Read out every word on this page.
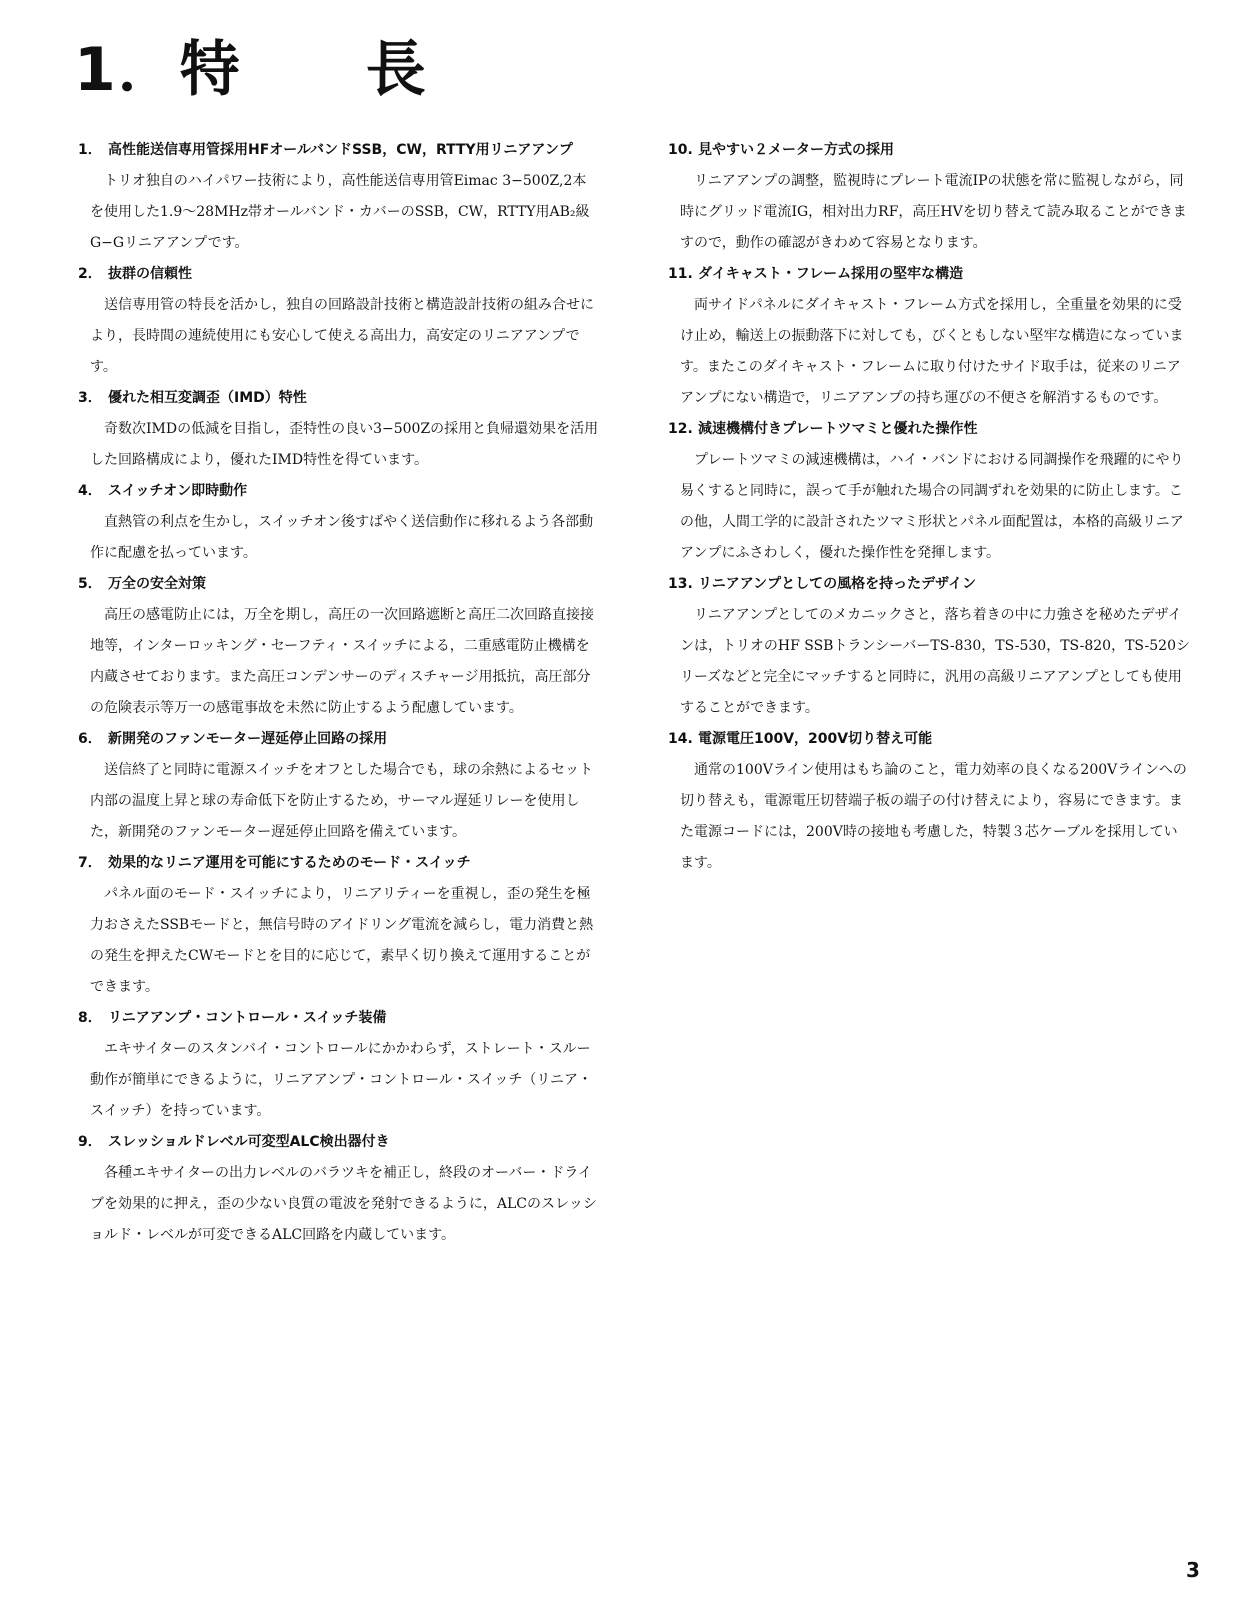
1．特　　長

1． 高性能送信専用管採用HFオールバンドSSB，CW，RTTY用リニアアンプ

トリオ独自のハイパワー技術により，高性能送信専用管Eimac 3−500Z,2本を使用した1.9〜28MHz帯オールバンド・カバーのSSB，CW，RTTY用AB₂級G−Gリニアアンプです。

2． 抜群の信頼性

送信専用管の特長を活かし，独自の回路設計技術と構造設計技術の組み合せにより，長時間の連続使用にも安心して使える高出力，高安定のリニアアンプです。

3． 優れた相互変調歪（IMD）特性

奇数次IMDの低減を目指し，歪特性の良い3−500Zの採用と負帰還効果を活用した回路構成により，優れたIMD特性を得ています。

4． スイッチオン即時動作

直熱管の利点を生かし，スイッチオン後すばやく送信動作に移れるよう各部動作に配慮を払っています。

5． 万全の安全対策

高圧の感電防止には，万全を期し，高圧の一次回路遮断と高圧二次回路直接接地等，インターロッキング・セーフティ・スイッチによる，二重感電防止機構を内蔵させております。また高圧コンデンサーのディスチャージ用抵抗，高圧部分の危険表示等万一の感電事故を未然に防止するよう配慮しています。

6． 新開発のファンモーター遅延停止回路の採用

送信終了と同時に電源スイッチをオフとした場合でも，球の余熱によるセット内部の温度上昇と球の寿命低下を防止するため，サーマル遅延リレーを使用した，新開発のファンモーター遅延停止回路を備えています。

7． 効果的なリニア運用を可能にするためのモード・スイッチ

パネル面のモード・スイッチにより，リニアリティーを重視し，歪の発生を極力おさえたSSBモードと，無信号時のアイドリング電流を減らし，電力消費と熱の発生を押えたCWモードとを目的に応じて，素早く切り換えて運用することができます。

8． リニアアンプ・コントロール・スイッチ装備

エキサイターのスタンバイ・コントロールにかかわらず，ストレート・スルー動作が簡単にできるように，リニアアンプ・コントロール・スイッチ（リニア・スイッチ）を持っています。

9． スレッショルドレベル可変型ALC検出器付き

各種エキサイターの出力レベルのバラツキを補正し，終段のオーバー・ドライブを効果的に押え，歪の少ない良質の電波を発射できるように，ALCのスレッショルド・レベルが可変できるALC回路を内蔵しています。

10. 見やすい２メーター方式の採用

リニアアンプの調整，監視時にプレート電流IPの状態を常に監視しながら，同時にグリッド電流IG，相対出力RF，高圧HVを切り替えて読み取ることができますので，動作の確認がきわめて容易となります。

11. ダイキャスト・フレーム採用の堅牢な構造

両サイドパネルにダイキャスト・フレーム方式を採用し，全重量を効果的に受け止め，輸送上の振動落下に対しても，びくともしない堅牢な構造になっています。またこのダイキャスト・フレームに取り付けたサイド取手は，従来のリニアアンプにない構造で，リニアアンプの持ち運びの不便さを解消するものです。

12. 減速機構付きプレートツマミと優れた操作性

プレートツマミの減速機構は，ハイ・バンドにおける同調操作を飛躍的にやり易くすると同時に，誤って手が触れた場合の同調ずれを効果的に防止します。この他，人間工学的に設計されたツマミ形状とパネル面配置は，本格的高級リニアアンプにふさわしく，優れた操作性を発揮します。

13. リニアアンプとしての風格を持ったデザイン

リニアアンプとしてのメカニックさと，落ち着きの中に力強さを秘めたデザインは，トリオのHF SSBトランシーバーTS-830，TS-530，TS-820，TS-520シリーズなどと完全にマッチすると同時に，汎用の高級リニアアンプとしても使用することができます。

14. 電源電圧100V，200V切り替え可能

通常の100Vライン使用はもち論のこと，電力効率の良くなる200Vラインへの切り替えも，電源電圧切替端子板の端子の付け替えにより，容易にできます。また電源コードには，200V時の接地も考慮した，特製３芯ケーブルを採用しています。

3
